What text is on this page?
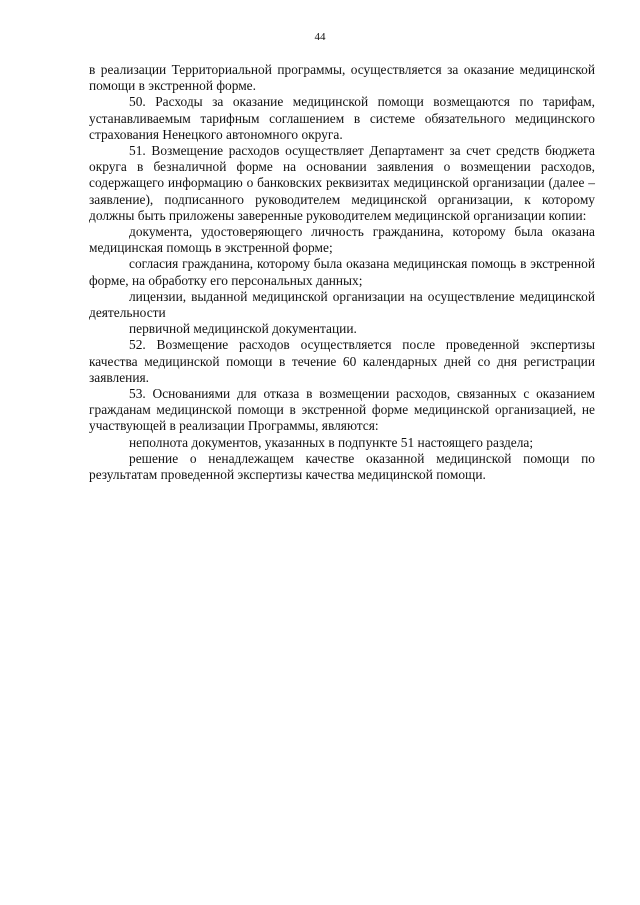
44

в реализации Территориальной программы, осуществляется за оказание медицинской помощи в экстренной форме.

50. Расходы за оказание медицинской помощи возмещаются по тарифам, устанавливаемым тарифным соглашением в системе обязательного медицинского страхования Ненецкого автономного округа.

51. Возмещение расходов осуществляет Департамент за счет средств бюджета округа в безналичной форме на основании заявления о возмещении расходов, содержащего информацию о банковских реквизитах медицинской организации (далее – заявление), подписанного руководителем медицинской организации, к которому должны быть приложены заверенные руководителем медицинской организации копии:

документа, удостоверяющего личность гражданина, которому была оказана медицинская помощь в экстренной форме;

согласия гражданина, которому была оказана медицинская помощь в экстренной форме, на обработку его персональных данных;

лицензии, выданной медицинской организации на осуществление медицинской деятельности

первичной медицинской документации.

52. Возмещение расходов осуществляется после проведенной экспертизы качества медицинской помощи в течение 60 календарных дней со дня регистрации заявления.

53. Основаниями для отказа в возмещении расходов, связанных с оказанием гражданам медицинской помощи в экстренной форме медицинской организацией, не участвующей в реализации Программы, являются:

неполнота документов, указанных в подпункте 51 настоящего раздела;

решение о ненадлежащем качестве оказанной медицинской помощи по результатам проведенной экспертизы качества медицинской помощи.
